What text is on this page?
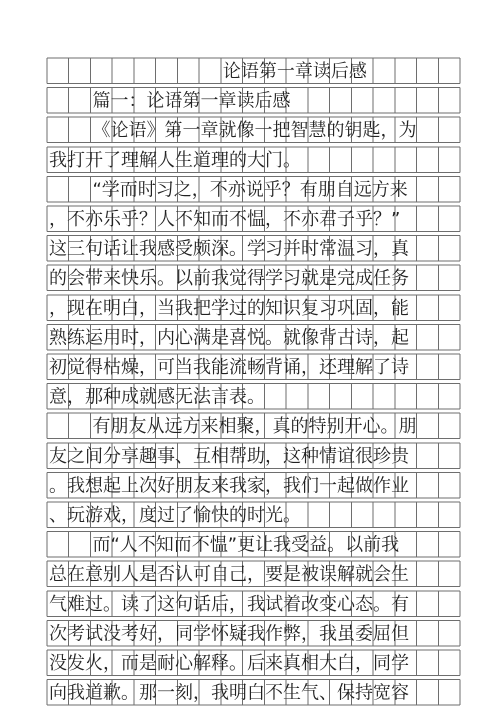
论语第一章读后感
篇一：论语第一章读后感
《论语》第一章就像一把智慧的钥匙，为
我打开了理解人生道理的大门。
“学而时习之，不亦说乎？有朋自远方来
，不亦乐乎？人不知而不愠，不亦君子乎？”
这三句话让我感受颇深。学习并时常温习，真
的会带来快乐。以前我觉得学习就是完成任务
，现在明白，当我把学过的知识复习巩固，能
熟练运用时，内心满是喜悦。就像背古诗，起
初觉得枯燥，可当我能流畅背诵，还理解了诗
意，那种成就感无法言表。
有朋友从远方来相聚，真的特别开心。朋
友之间分享趣事、互相帮助，这种情谊很珍贵
。我想起上次好朋友来我家，我们一起做作业
、玩游戏，度过了愉快的时光。
而“人不知而不愠”更让我受益。以前我
总在意别人是否认可自己，要是被误解就会生
气难过。读了这句话后，我试着改变心态。有
次考试没考好，同学怀疑我作弊，我虽委屈但
没发火，而是耐心解释。后来真相大白，同学
向我道歉。那一刻，我明白不生气、保持宽容
